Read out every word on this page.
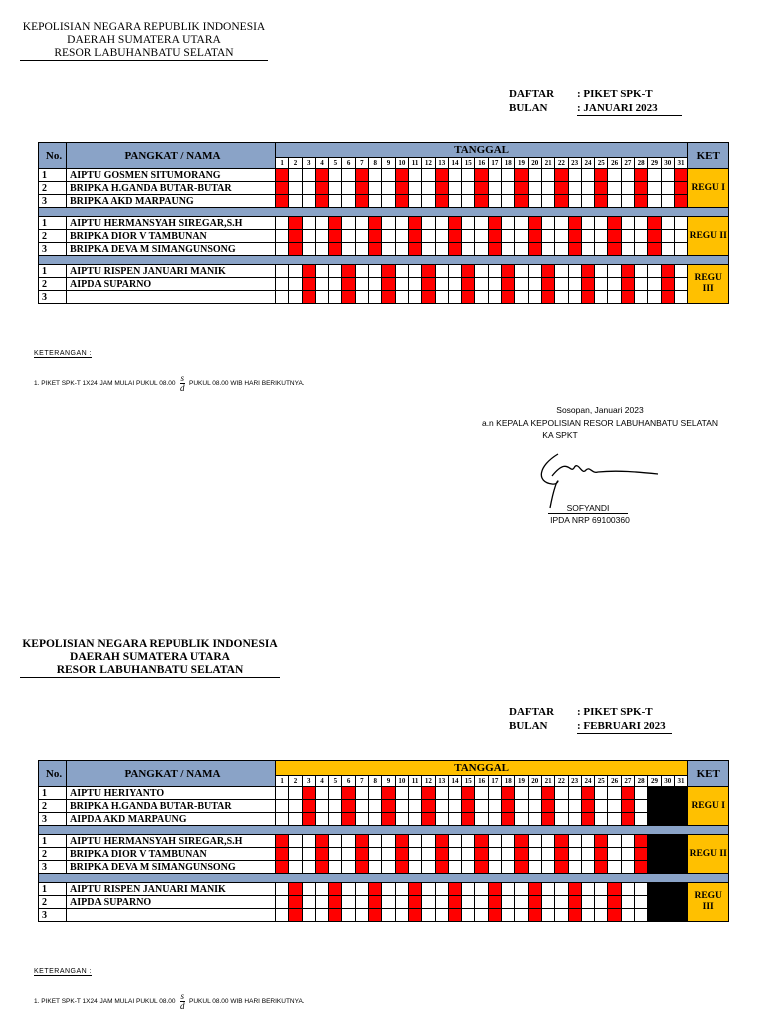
KEPOLISIAN NEGARA REPUBLIK INDONESIA
DAERAH SUMATERA UTARA
RESOR LABUHANBATU SELATAN
DAFTAR	: PIKET SPK-T
BULAN	: JANUARI 2023
No.	PANGKAT / NAMA	TANGGAL																															KET
		1	2	3	4	5	6	7	8	9	10	11	12	13	14	15	16	17	18	19	20	21	22	23	24	25	26	27	28	29	30	31	
1	AIPTU GOSMEN SITUMORANG																																REGU I
2	BRIPKA H.GANDA BUTAR-BUTAR																																
3	BRIPKA AKD MARPAUNG																																

1	AIPTU HERMANSYAH SIREGAR,S.H																																REGU II
2	BRIPKA DIOR V TAMBUNAN																																
3	BRIPKA DEVA M SIMANGUNSONG																																

1	AIPTU RISPEN JANUARI MANIK																																REGU III
2	AIPDA SUPARNO																																
3																																	
KETERANGAN :
1. PIKET SPK-T 1X24 JAM MULAI PUKUL $08.00 \frac{s}{d}$ PUKUL 08.00 WIB HARI BERIKUTNYA.
Sosopan, Januari 2023
a.n KEPALA KEPOLISIAN RESOR LABUHANBATU SELATAN
KA SPKT
SOFYANDI
IPDA NRP 69100360
KEPOLISIAN NEGARA REPUBLIK INDONESIA
DAERAH SUMATERA UTARA
RESOR LABUHANBATU SELATAN
DAFTAR	: PIKET SPK-T
BULAN	: FEBRUARI 2023
No.	PANGKAT / NAMA	TANGGAL																															KET
		1	2	3	4	5	6	7	8	9	10	11	12	13	14	15	16	17	18	19	20	21	22	23	24	25	26	27	28	29	30	31	
1	AIPTU HERIYANTO																																REGU I
2	BRIPKA H.GANDA BUTAR-BUTAR																																
3	AIPDA AKD MARPAUNG																																

1	AIPTU HERMANSYAH SIREGAR,S.H																																REGU II
2	BRIPKA DIOR V TAMBUNAN																																
3	BRIPKA DEVA M SIMANGUNSONG																																

1	AIPTU RISPEN JANUARI MANIK																																REGU III
2	AIPDA SUPARNO																																
3																																	
KETERANGAN :
1. PIKET SPK-T 1X24 JAM MULAI PUKUL $08.00 \frac{s}{d}$ PUKUL 08.00 WIB HARI BERIKUTNYA.
